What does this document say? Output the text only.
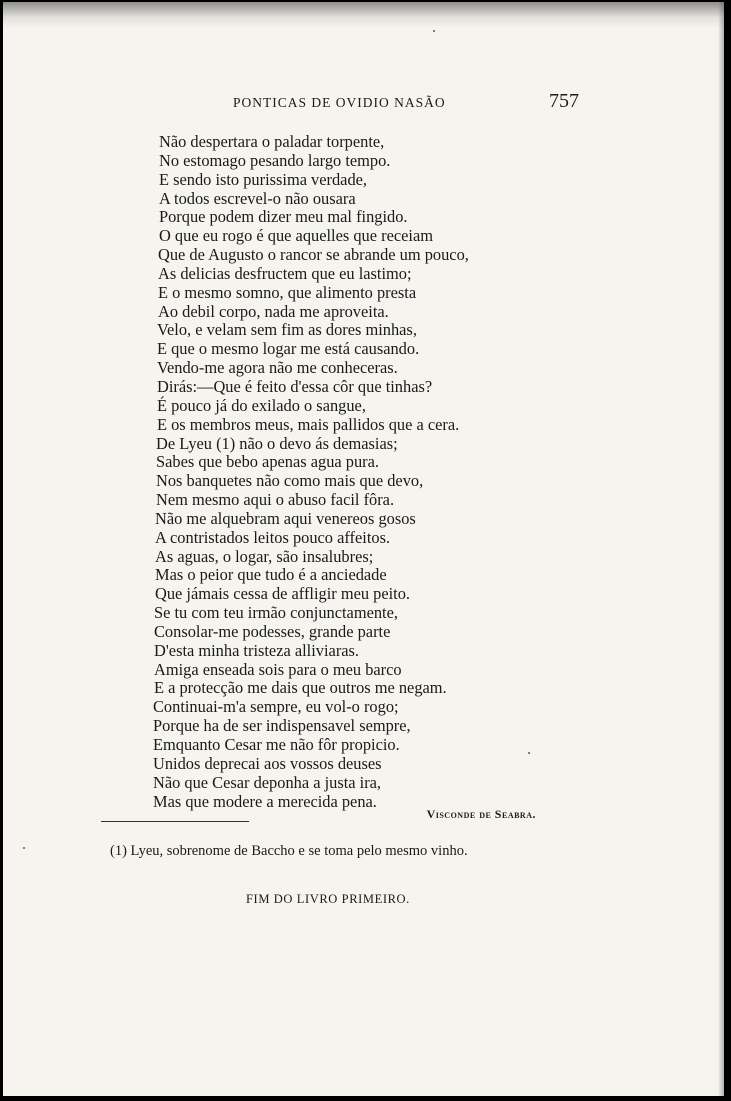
PONTICAS DE OVIDIO NASÃO	757
Não despertara o paladar torpente,
No estomago pesando largo tempo.
E sendo isto purissima verdade,
A todos escrevel-o não ousara
Porque podem dizer meu mal fingido.
O que eu rogo é que aquelles que receiam
Que de Augusto o rancor se abrande um pouco,
As delicias desfructem que eu lastimo;
E o mesmo somno, que alimento presta
Ao debil corpo, nada me aproveita.
Velo, e velam sem fim as dores minhas,
E que o mesmo logar me está causando.
Vendo-me agora não me conheceras.
Dirás:—Que é feito d'essa côr que tinhas?
É pouco já do exilado o sangue,
E os membros meus, mais pallidos que a cera.
De Lyeu (1) não o devo ás demasias;
Sabes que bebo apenas agua pura.
Nos banquetes não como mais que devo,
Nem mesmo aqui o abuso facil fôra.
Não me alquebram aqui venereos gosos
A contristados leitos pouco affeitos.
As aguas, o logar, são insalubres;
Mas o peior que tudo é a anciedade
Que jámais cessa de affligir meu peito.
Se tu com teu irmão conjunctamente,
Consolar-me podesses, grande parte
D'esta minha tristeza alliviaras.
Amiga enseada sois para o meu barco
E a protecção me dais que outros me negam.
Continuai-m'a sempre, eu vol-o rogo;
Porque ha de ser indispensavel sempre,
Emquanto Cesar me não fôr propicio.
Unidos deprecai aos vossos deuses
Não que Cesar deponha a justa ira,
Mas que modere a merecida pena.
Visconde de Seabra.
(1) Lyeu, sobrenome de Baccho e se toma pelo mesmo vinho.
FIM DO LIVRO PRIMEIRO.
